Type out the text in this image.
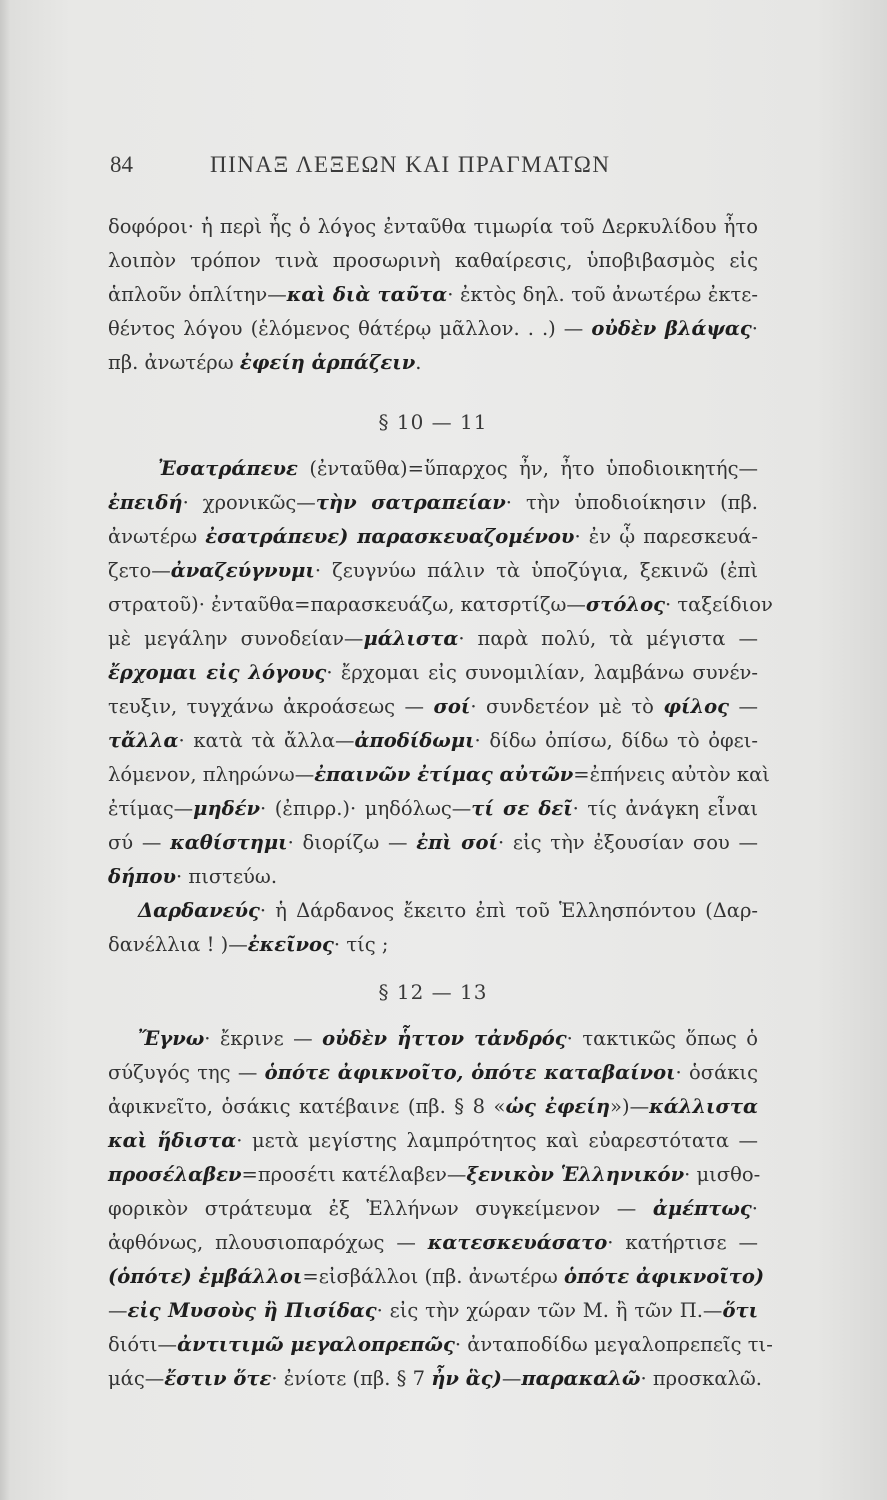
84	ΠΙΝΑΞ ΛΕΞΕΩΝ ΚΑΙ ΠΡΑΓΜΑΤΩΝ
δοφόροι· ἡ περὶ ἧς ὁ λόγος ἐνταῦθα τιμωρία τοῦ Δερκυλίδου ἦτο
λοιπὸν τρόπον τινὰ προσωρινὴ καθαίρεσις, ὑποβιβασμὸς εἰς
ἁπλοῦν ὁπλίτην—καὶ διὰ ταῦτα· ἐκτὸς δηλ. τοῦ ἀνωτέρω ἐκτε-
θέντος λόγου (ἑλόμενος θάτέρῳ μᾶλλον. . .) — οὐδὲν βλάψας·
πβ. ἀνωτέρω ἐφείη ἁρπάζειν.
§ 10 — 11
Ἐσατράπευε (ἐνταῦθα)=ὕπαρχος ἦν, ἦτο ὑποδιοικητής—
ἐπειδή· χρονικῶς—τὴν σατραπείαν· τὴν ὑποδιοίκησιν (πβ.
ἀνωτέρω ἐσατράπευε) παρασκευαζομένου· ἐν ᾧ παρεσκευά-
ζετο—ἀναζεύγνυμι· ζευγνύω πάλιν τὰ ὑποζύγια, ξεκινῶ (ἐπὶ
στρατοῦ)· ἐνταῦθα=παρασκευάζω, κατσρτίζω—στόλος· ταξείδιον
μὲ μεγάλην συνοδείαν—μάλιστα· παρὰ πολύ, τὰ μέγιστα —
ἔρχομαι εἰς λόγους· ἔρχομαι εἰς συνομιλίαν, λαμβάνω συνέν-
τευξιν, τυγχάνω ἀκροάσεως — σοί· συνδετέον μὲ τὸ φίλος —
τἄλλα· κατὰ τὰ ἄλλα—ἀποδίδωμι· δίδω ὀπίσω, δίδω τὸ ὀφει-
λόμενον, πληρώνω—ἐπαινῶν ἐτίμας αὐτῶν=ἐπήνεις αὐτὸν καὶ
ἐτίμας—μηδέν· (ἐπιρρ.)· μηδόλως—τί σε δεῖ· τίς ἀνάγκη εἶναι
σύ — καθίστημι· διορίζω — ἐπὶ σοί· εἰς τὴν ἐξουσίαν σου —
δήπου· πιστεύω.
Δαρδανεύς· ἡ Δάρδανος ἔκειτο ἐπὶ τοῦ Ἑλλησπόντου (Δαρ-
δανέλλια ! )—ἐκεῖνος· τίς ;
§ 12 — 13
Ἔγνω· ἔκρινε — οὐδὲν ἧττον τἀνδρός· τακτικῶς ὅπως ὁ
σύζυγός της — ὁπότε ἀφικνοῖτο, ὁπότε καταβαίνοι· ὁσάκις
ἀφικνεῖτο, ὁσάκις κατέβαινε (πβ. § 8 «ὡς ἐφείη»)—κάλλιστα
καὶ ἥδιστα· μετὰ μεγίστης λαμπρότητος καὶ εὐαρεστότατα —
προσέλαβεν=προσέτι κατέλαβεν—ξενικὸν Ἑλληνικόν· μισθο-
φορικὸν στράτευμα ἐξ Ἑλλήνων συγκείμενον — ἀμέπτως·
ἀφθόνως, πλουσιοπαρόχως — κατεσκευάσατο· κατήρτισε —
(ὁπότε) ἐμβάλλοι=εἰσβάλλοι (πβ. ἀνωτέρω ὁπότε ἀφικνοῖτο)
—εἰς Μυσοὺς ἢ Πισίδας· εἰς τὴν χώραν τῶν Μ. ἢ τῶν Π.—ὅτι
διότι—ἀντιτιμῶ μεγαλοπρεπῶς· ἀνταποδίδω μεγαλοπρεπεῖς τι-
μάς—ἔστιν ὅτε· ἐνίοτε (πβ. § 7 ἦν ἃς)—παρακαλῶ· προσκαλῶ.
